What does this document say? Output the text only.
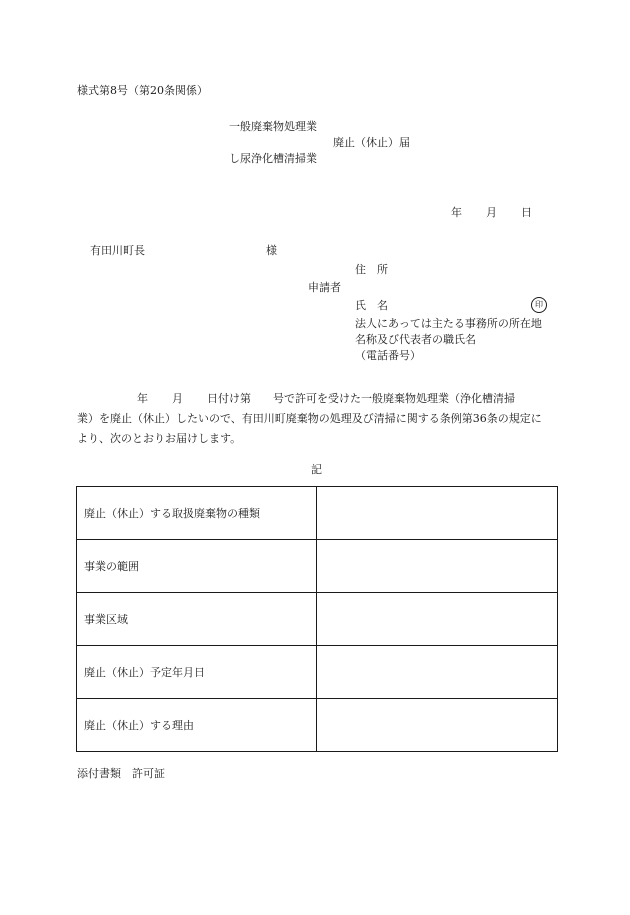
様式第8号（第20条関係）
一般廃棄物処理業
廃止（休止）届
し尿浄化槽清掃業
年 月 日
有田川町長	様
住　所
申請者
氏　名	印
法人にあっては主たる事務所の所在地
名称及び代表者の職氏名
（電話番号）
年 月 日付け第 号で許可を受けた一般廃棄物処理業（浄化槽清掃
業）を廃止（休止）したいので、有田川町廃棄物の処理及び清掃に関する条例第36条の規定に
より、次のとおりお届けします。
記
廃止（休止）する取扱廃棄物の種類	
事業の範囲	
事業区域	
廃止（休止）予定年月日	
廃止（休止）する理由	
添付書類　許可証
